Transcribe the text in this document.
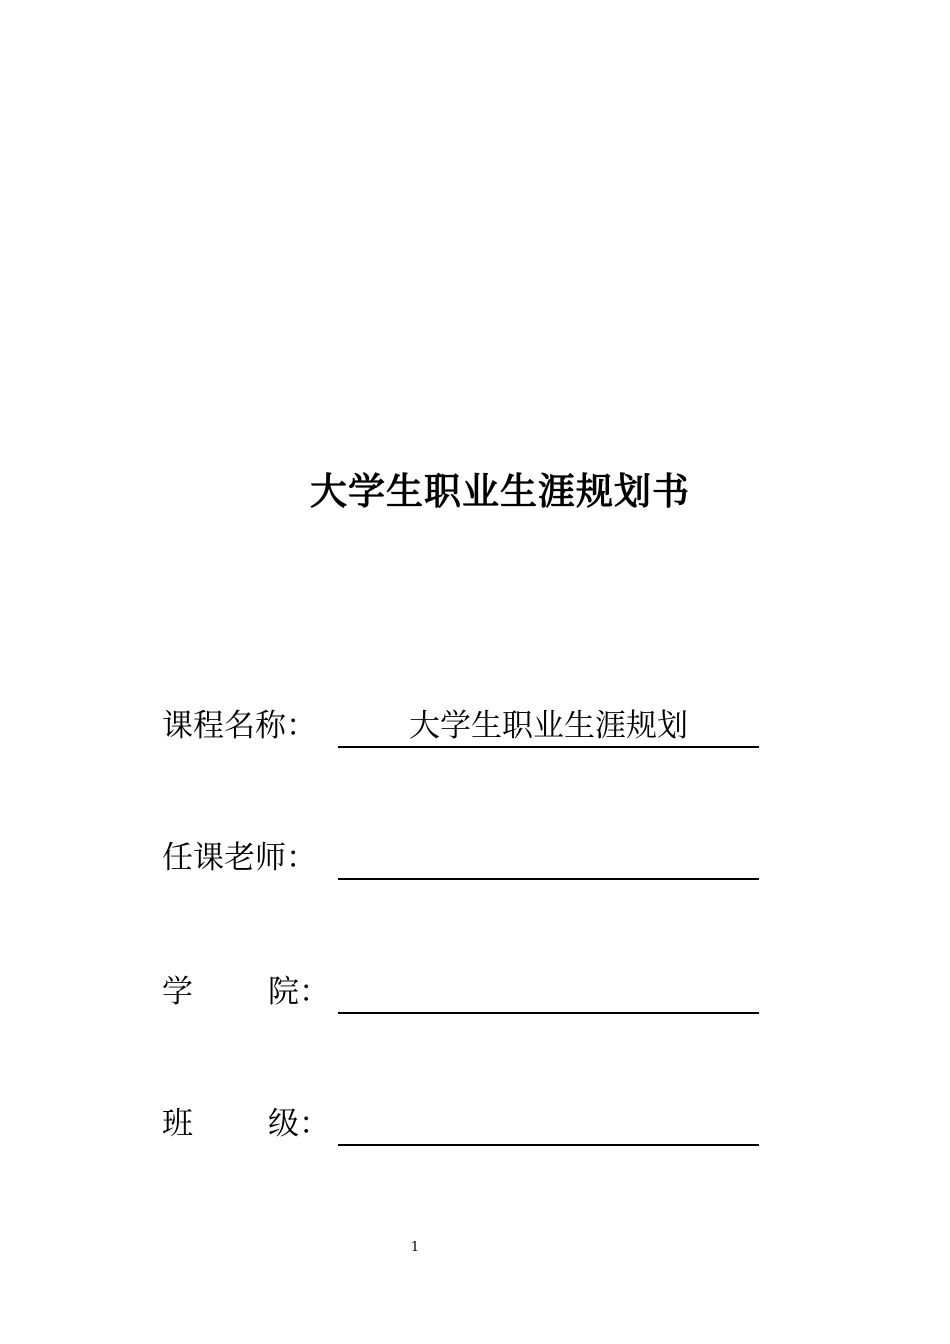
大学生职业生涯规划书
课程名称：	大学生职业生涯规划
任课老师：
学 院：
班 级：
1
